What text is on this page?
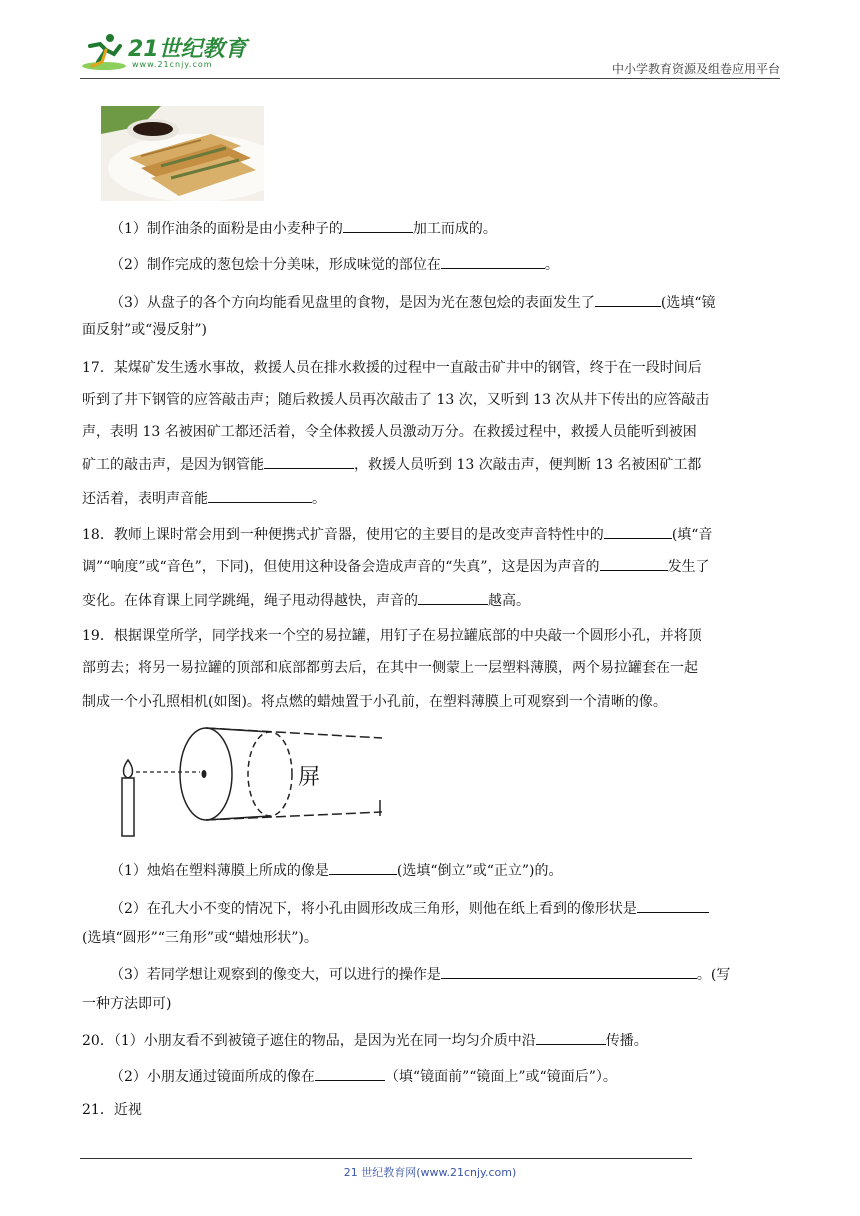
21世纪教育
www.21cnjy.com	中小学教育资源及组卷应用平台
（1）制作油条的面粉是由小麦种子的	加工而成的。
（2）制作完成的葱包烩十分美味，形成味觉的部位在	。
（3）从盘子的各个方向均能看见盘里的食物，是因为光在葱包烩的表面发生了	(选填“镜
面反射”或“漫反射”)
17．某煤矿发生透水事故，救援人员在排水救援的过程中一直敲击矿井中的钢管，终于在一段时间后
听到了井下钢管的应答敲击声；随后救援人员再次敲击了 13 次，又听到 13 次从井下传出的应答敲击
声，表明 13 名被困矿工都还活着，令全体救援人员激动万分。在救援过程中，救援人员能听到被困
矿工的敲击声，是因为钢管能	，救援人员听到 13 次敲击声，便判断 13 名被困矿工都
还活着，表明声音能	。
18．教师上课时常会用到一种便携式扩音器，使用它的主要目的是改变声音特性中的	(填“音
调”“响度”或“音色”，下同)，但使用这种设备会造成声音的“失真”，这是因为声音的	发生了
变化。在体育课上同学跳绳，绳子甩动得越快，声音的	越高。
19．根据课堂所学，同学找来一个空的易拉罐，用钉子在易拉罐底部的中央敲一个圆形小孔，并将顶
部剪去；将另一易拉罐的顶部和底部都剪去后，在其中一侧蒙上一层塑料薄膜，两个易拉罐套在一起
制成一个小孔照相机(如图)。将点燃的蜡烛置于小孔前，在塑料薄膜上可观察到一个清晰的像。
屏
（1）烛焰在塑料薄膜上所成的像是	(选填“倒立”或“正立”)的。
（2）在孔大小不变的情况下，将小孔由圆形改成三角形，则他在纸上看到的像形状是
(选填“圆形”“三角形”或“蜡烛形状”)。
（3）若同学想让观察到的像变大，可以进行的操作是	。(写
一种方法即可)
20．（1）小朋友看不到被镜子遮住的物品，是因为光在同一均匀介质中沿	传播。
（2）小朋友通过镜面所成的像在	（填“镜面前”“镜面上”或“镜面后”）。
21．近视
21 世纪教育网(www.21cnjy.com)
